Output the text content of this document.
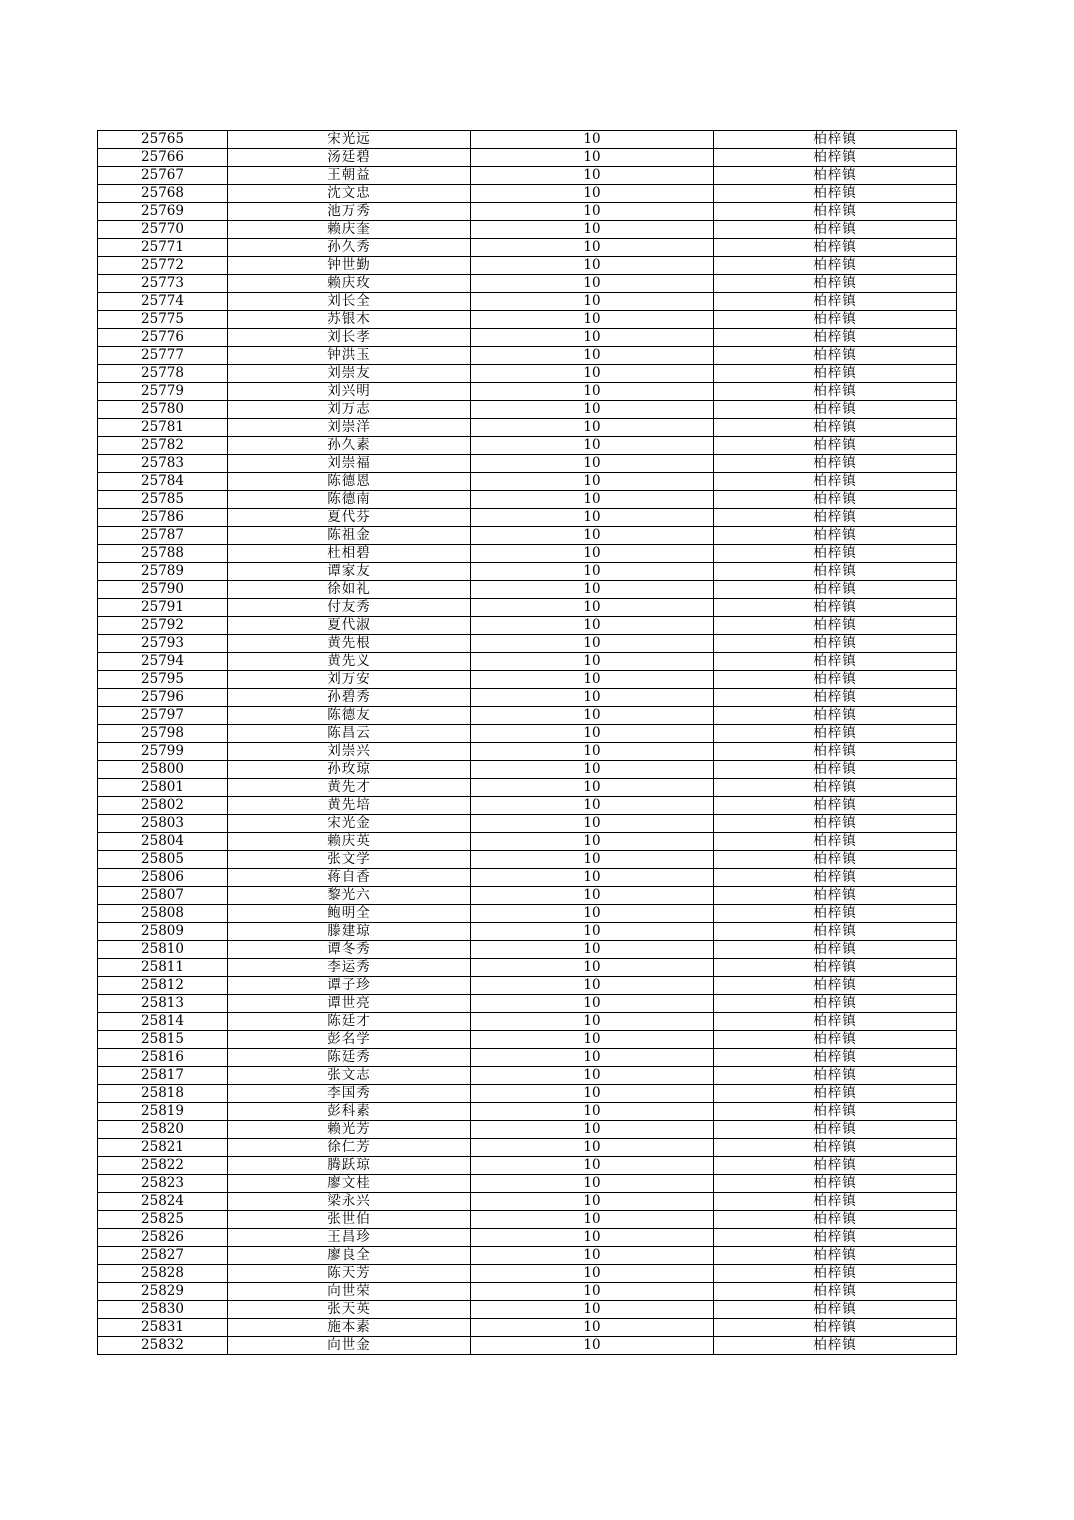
25765	宋光远	10	柏梓镇
25766	汤廷碧	10	柏梓镇
25767	王朝益	10	柏梓镇
25768	沈文忠	10	柏梓镇
25769	池万秀	10	柏梓镇
25770	赖庆奎	10	柏梓镇
25771	孙久秀	10	柏梓镇
25772	钟世勤	10	柏梓镇
25773	赖庆玫	10	柏梓镇
25774	刘长全	10	柏梓镇
25775	苏银木	10	柏梓镇
25776	刘长孝	10	柏梓镇
25777	钟洪玉	10	柏梓镇
25778	刘崇友	10	柏梓镇
25779	刘兴明	10	柏梓镇
25780	刘万志	10	柏梓镇
25781	刘崇洋	10	柏梓镇
25782	孙久素	10	柏梓镇
25783	刘崇福	10	柏梓镇
25784	陈德恩	10	柏梓镇
25785	陈德南	10	柏梓镇
25786	夏代芬	10	柏梓镇
25787	陈祖金	10	柏梓镇
25788	杜相碧	10	柏梓镇
25789	谭家友	10	柏梓镇
25790	徐如礼	10	柏梓镇
25791	付友秀	10	柏梓镇
25792	夏代淑	10	柏梓镇
25793	黄先根	10	柏梓镇
25794	黄先义	10	柏梓镇
25795	刘万安	10	柏梓镇
25796	孙碧秀	10	柏梓镇
25797	陈德友	10	柏梓镇
25798	陈昌云	10	柏梓镇
25799	刘崇兴	10	柏梓镇
25800	孙玫琼	10	柏梓镇
25801	黄先才	10	柏梓镇
25802	黄先培	10	柏梓镇
25803	宋光金	10	柏梓镇
25804	赖庆英	10	柏梓镇
25805	张文学	10	柏梓镇
25806	蒋自香	10	柏梓镇
25807	黎光六	10	柏梓镇
25808	鲍明全	10	柏梓镇
25809	滕建琼	10	柏梓镇
25810	谭冬秀	10	柏梓镇
25811	李运秀	10	柏梓镇
25812	谭子珍	10	柏梓镇
25813	谭世亮	10	柏梓镇
25814	陈廷才	10	柏梓镇
25815	彭名学	10	柏梓镇
25816	陈廷秀	10	柏梓镇
25817	张文志	10	柏梓镇
25818	李国秀	10	柏梓镇
25819	彭科素	10	柏梓镇
25820	赖光芳	10	柏梓镇
25821	徐仁芳	10	柏梓镇
25822	腾跃琼	10	柏梓镇
25823	廖文桂	10	柏梓镇
25824	梁永兴	10	柏梓镇
25825	张世伯	10	柏梓镇
25826	王昌珍	10	柏梓镇
25827	廖良全	10	柏梓镇
25828	陈天芳	10	柏梓镇
25829	向世荣	10	柏梓镇
25830	张天英	10	柏梓镇
25831	施本素	10	柏梓镇
25832	向世金	10	柏梓镇
